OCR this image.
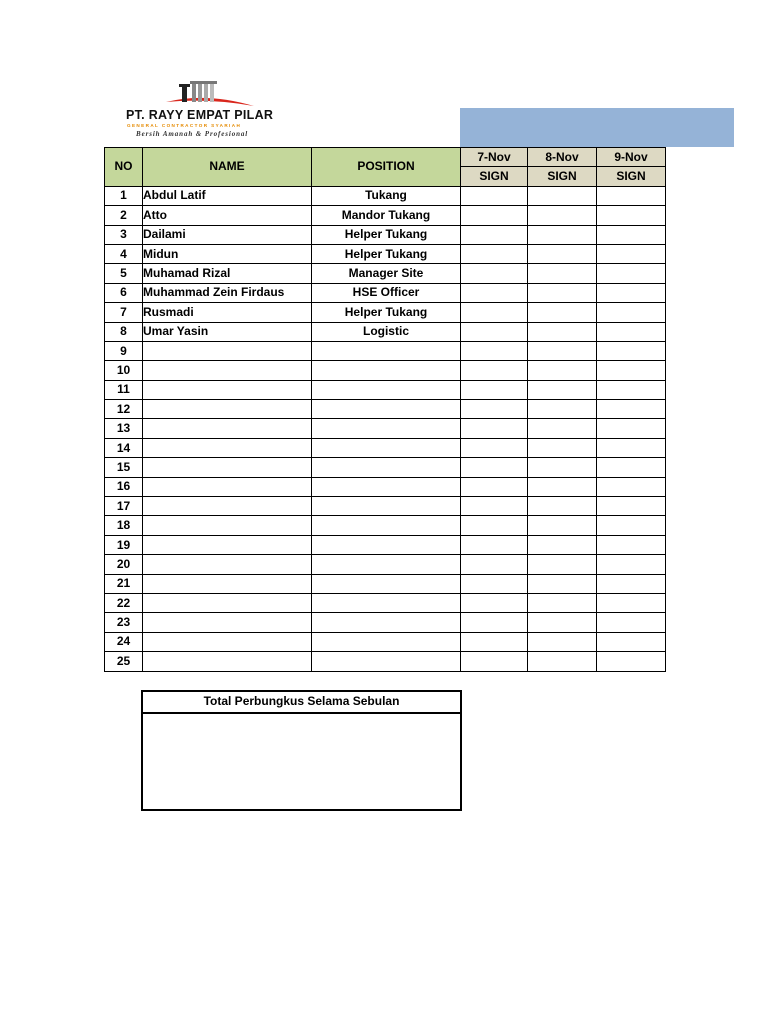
PT. RAYY EMPAT PILAR
GENERAL CONTRACTOR SYARIAH
Bersih Amanah & Profesional
NO	NAME	POSITION	7-Nov	8-Nov	9-Nov
			SIGN	SIGN	SIGN
1	Abdul Latif	Tukang			
2	Atto	Mandor Tukang			
3	Dailami	Helper Tukang			
4	Midun	Helper Tukang			
5	Muhamad Rizal	Manager Site			
6	Muhammad Zein Firdaus	HSE Officer			
7	Rusmadi	Helper Tukang			
8	Umar Yasin	Logistic			
9					
10					
11					
12					
13					
14					
15					
16					
17					
18					
19					
20					
21					
22					
23					
24					
25					
Total Perbungkus Selama Sebulan
